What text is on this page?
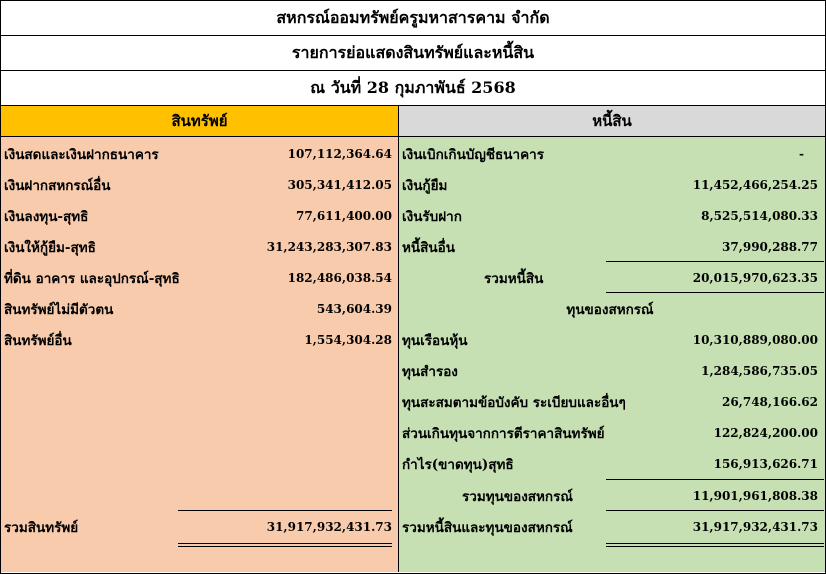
สหกรณ์ออมทรัพย์ครูมหาสารคาม จำกัด
รายการย่อแสดงสินทรัพย์และหนี้สิน
ณ วันที่ 28 กุมภาพันธ์ 2568
สินทรัพย์	หนี้สิน
เงินสดและเงินฝากธนาคาร	107,112,364.64
เงินฝากสหกรณ์อื่น	305,341,412.05
เงินลงทุน-สุทธิ	77,611,400.00
เงินให้กู้ยืม-สุทธิ	31,243,283,307.83
ที่ดิน อาคาร และอุปกรณ์-สุทธิ	182,486,038.54
สินทรัพย์ไม่มีตัวตน	543,604.39
สินทรัพย์อื่น	1,554,304.28
รวมสินทรัพย์	31,917,932,431.73
เงินเบิกเกินบัญชีธนาคาร	-
เงินกู้ยืม	11,452,466,254.25
เงินรับฝาก	8,525,514,080.33
หนี้สินอื่น	37,990,288.77
รวมหนี้สิน	20,015,970,623.35
ทุนของสหกรณ์
ทุนเรือนหุ้น	10,310,889,080.00
ทุนสำรอง	1,284,586,735.05
ทุนสะสมตามข้อบังคับ ระเบียบและอื่นๆ	26,748,166.62
ส่วนเกินทุนจากการตีราคาสินทรัพย์	122,824,200.00
กำไร(ขาดทุน)สุทธิ	156,913,626.71
รวมทุนของสหกรณ์	11,901,961,808.38
รวมหนี้สินและทุนของสหกรณ์	31,917,932,431.73
